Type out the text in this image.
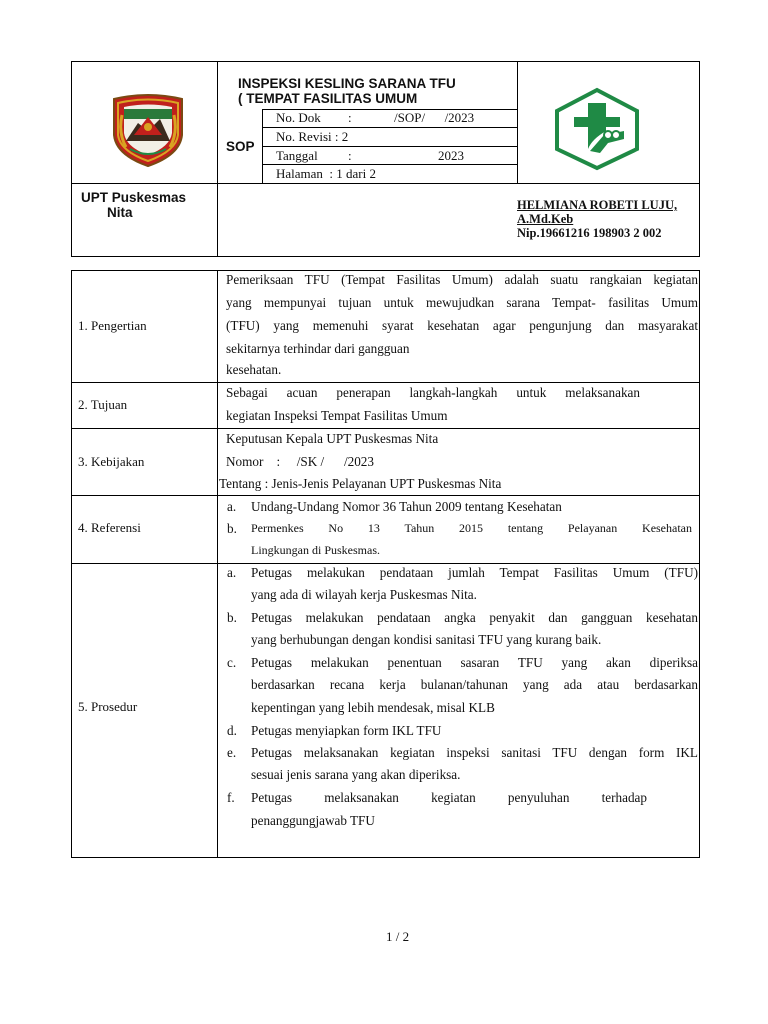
INSPEKSI KESLING SARANA TFU
( TEMPAT FASILITAS UMUM
SOP
No. Dok :	/SOP/      /2023
No. Revisi : 2
Tanggal :	2023
Halaman  : 1 dari 2
UPT Puskesmas
Nita	HELMIANA ROBETI LUJU,
A.Md.Keb
Nip.19661216 198903 2 002
1. Pengertian
Pemeriksaan TFU (Tempat Fasilitas Umum) adalah suatu rangkaian kegiatan
yang mempunyai tujuan untuk mewujudkan sarana Tempat- fasilitas Umum
(TFU) yang memenuhi syarat kesehatan agar pengunjung dan masyarakat
sekitarnya terhindar dari gangguan
kesehatan.
2. Tujuan
Sebagai acuan penerapan langkah-langkah untuk melaksanakan
kegiatan Inspeksi Tempat Fasilitas Umum
3. Kebijakan
Keputusan Kepala UPT Puskesmas Nita
Nomor    :     /SK /      /2023
Tentang : Jenis-Jenis Pelayanan UPT Puskesmas Nita
4. Referensi
a. Undang-Undang Nomor 36 Tahun 2009 tentang Kesehatan
b. Permenkes No 13 Tahun 2015 tentang Pelayanan Kesehatan
Lingkungan di Puskesmas.
5. Prosedur
a. Petugas melakukan pendataan jumlah Tempat Fasilitas Umum (TFU)
yang ada di wilayah kerja Puskesmas Nita.
b. Petugas melakukan pendataan angka penyakit dan gangguan kesehatan
yang berhubungan dengan kondisi sanitasi TFU yang kurang baik.
c. Petugas melakukan penentuan sasaran TFU yang akan diperiksa
berdasarkan recana kerja bulanan/tahunan yang ada atau berdasarkan
kepentingan yang lebih mendesak, misal KLB
d. Petugas menyiapkan form IKL TFU
e. Petugas melaksanakan kegiatan inspeksi sanitasi TFU dengan form IKL
sesuai jenis sarana yang akan diperiksa.
f. Petugas melaksanakan kegiatan penyuluhan terhadap
penanggungjawab TFU
1 / 2
